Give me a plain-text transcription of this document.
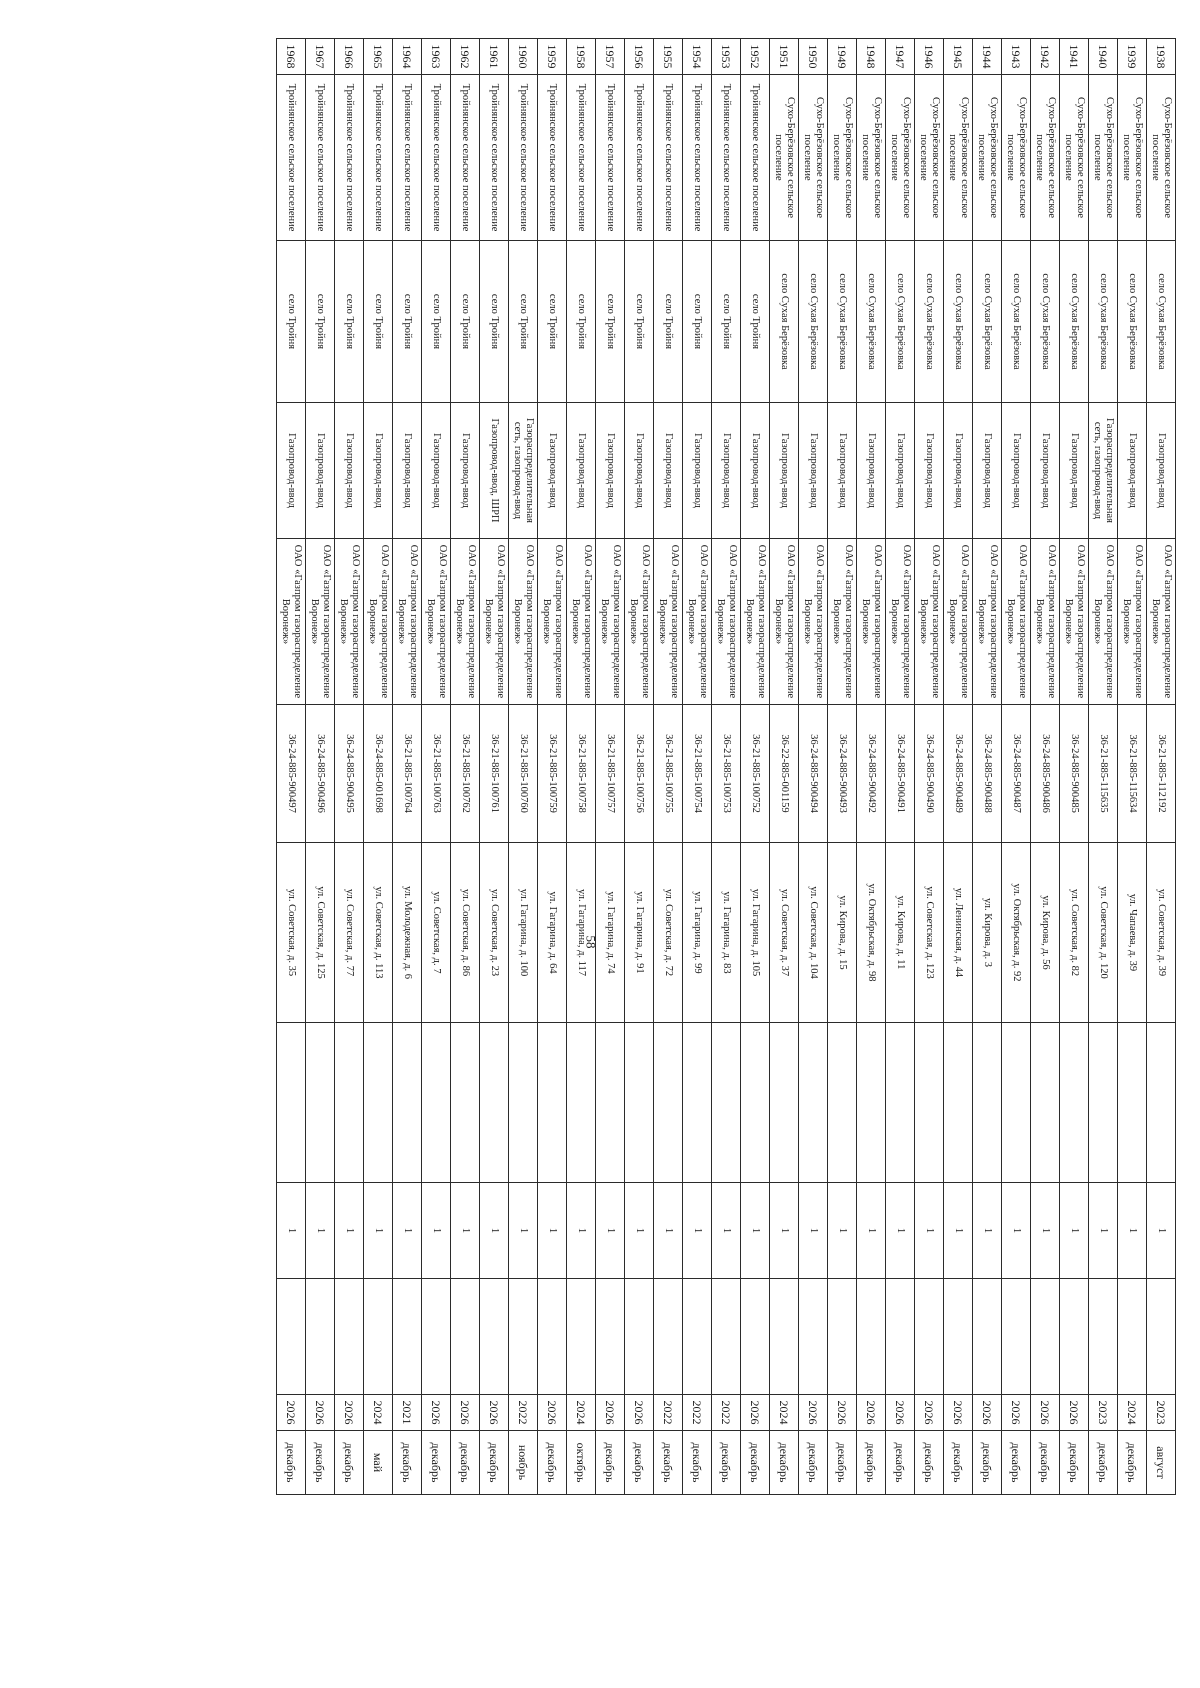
58
1938	Сухо-Берёзовское сельское поселение	село Сухая Берёзовка	Газопровод-ввод	ОАО «Газпром газораспределение Воронеж»	36-21-885-112192	ул. Советская, д. 39		1		2023	август
1939	Сухо-Берёзовское сельское поселение	село Сухая Берёзовка	Газопровод-ввод	ОАО «Газпром газораспределение Воронеж»	36-21-885-115634	ул. Чапаева, д. 39		1		2024	декабрь
1940	Сухо-Берёзовское сельское поселение	село Сухая Берёзовка	Газораспределительная сеть, газопровод-ввод	ОАО «Газпром газораспределение Воронеж»	36-21-885-115635	ул. Советская, д. 120		1		2023	декабрь
1941	Сухо-Берёзовское сельское поселение	село Сухая Берёзовка	Газопровод-ввод	ОАО «Газпром газораспределение Воронеж»	36-24-885-900485	ул. Советская, д. 82		1		2026	декабрь
1942	Сухо-Берёзовское сельское поселение	село Сухая Берёзовка	Газопровод-ввод	ОАО «Газпром газораспределение Воронеж»	36-24-885-900486	ул. Кирова, д. 56		1		2026	декабрь
1943	Сухо-Берёзовское сельское поселение	село Сухая Берёзовка	Газопровод-ввод	ОАО «Газпром газораспределение Воронеж»	36-24-885-900487	ул. Октябрьская, д. 92		1		2026	декабрь
1944	Сухо-Берёзовское сельское поселение	село Сухая Берёзовка	Газопровод-ввод	ОАО «Газпром газораспределение Воронеж»	36-24-885-900488	ул. Кирова, д. 3		1		2026	декабрь
1945	Сухо-Берёзовское сельское поселение	село Сухая Берёзовка	Газопровод-ввод	ОАО «Газпром газораспределение Воронеж»	36-24-885-900489	ул. Ленинская, д. 44		1		2026	декабрь
1946	Сухо-Берёзовское сельское поселение	село Сухая Берёзовка	Газопровод-ввод	ОАО «Газпром газораспределение Воронеж»	36-24-885-900490	ул. Советская, д. 123		1		2026	декабрь
1947	Сухо-Берёзовское сельское поселение	село Сухая Берёзовка	Газопровод-ввод	ОАО «Газпром газораспределение Воронеж»	36-24-885-900491	ул. Кирова, д. 11		1		2026	декабрь
1948	Сухо-Берёзовское сельское поселение	село Сухая Берёзовка	Газопровод-ввод	ОАО «Газпром газораспределение Воронеж»	36-24-885-900492	ул. Октябрьская, д. 98		1		2026	декабрь
1949	Сухо-Берёзовское сельское поселение	село Сухая Берёзовка	Газопровод-ввод	ОАО «Газпром газораспределение Воронеж»	36-24-885-900493	ул. Кирова, д. 15		1		2026	декабрь
1950	Сухо-Берёзовское сельское поселение	село Сухая Берёзовка	Газопровод-ввод	ОАО «Газпром газораспределение Воронеж»	36-24-885-900494	ул. Советская, д. 104		1		2026	декабрь
1951	Сухо-Берёзовское сельское поселение	село Сухая Берёзовка	Газопровод-ввод	ОАО «Газпром газораспределение Воронеж»	36-22-885-001159	ул. Советская, д. 37		1		2024	декабрь
1952	Тройнянское сельское поселение	село Тройня	Газопровод-ввод	ОАО «Газпром газораспределение Воронеж»	36-21-885-100752	ул. Гагарина, д. 105		1		2026	декабрь
1953	Тройнянское сельское поселение	село Тройня	Газопровод-ввод	ОАО «Газпром газораспределение Воронеж»	36-21-885-100753	ул. Гагарина, д. 83		1		2022	декабрь
1954	Тройнянское сельское поселение	село Тройня	Газопровод-ввод	ОАО «Газпром газораспределение Воронеж»	36-21-885-100754	ул. Гагарина, д. 99		1		2022	декабрь
1955	Тройнянское сельское поселение	село Тройня	Газопровод-ввод	ОАО «Газпром газораспределение Воронеж»	36-21-885-100755	ул. Советская, д. 72		1		2022	декабрь
1956	Тройнянское сельское поселение	село Тройня	Газопровод-ввод	ОАО «Газпром газораспределение Воронеж»	36-21-885-100756	ул. Гагарина, д. 91		1		2026	декабрь
1957	Тройнянское сельское поселение	село Тройня	Газопровод-ввод	ОАО «Газпром газораспределение Воронеж»	36-21-885-100757	ул. Гагарина, д. 74		1		2026	декабрь
1958	Тройнянское сельское поселение	село Тройня	Газопровод-ввод	ОАО «Газпром газораспределение Воронеж»	36-21-885-100758	ул. Гагарина, д. 117		1		2024	октябрь
1959	Тройнянское сельское поселение	село Тройня	Газопровод-ввод	ОАО «Газпром газораспределение Воронеж»	36-21-885-100759	ул. Гагарина, д. 64		1		2026	декабрь
1960	Тройнянское сельское поселение	село Тройня	Газораспределительная сеть, газопровод-ввод	ОАО «Газпром газораспределение Воронеж»	36-21-885-100760	ул. Гагарина, д. 100		1		2022	ноябрь
1961	Тройнянское сельское поселение	село Тройня	Газопровод-ввод, ШРП	ОАО «Газпром газораспределение Воронеж»	36-21-885-100761	ул. Советская, д. 23		1		2026	декабрь
1962	Тройнянское сельское поселение	село Тройня	Газопровод-ввод	ОАО «Газпром газораспределение Воронеж»	36-21-885-100762	ул. Советская, д. 86		1		2026	декабрь
1963	Тройнянское сельское поселение	село Тройня	Газопровод-ввод	ОАО «Газпром газораспределение Воронеж»	36-21-885-100763	ул. Советская, д. 7		1		2026	декабрь
1964	Тройнянское сельское поселение	село Тройня	Газопровод-ввод	ОАО «Газпром газораспределение Воронеж»	36-21-885-100764	ул. Молодежная, д. 6		1		2021	декабрь
1965	Тройнянское сельское поселение	село Тройня	Газопровод-ввод	ОАО «Газпром газораспределение Воронеж»	36-24-885-001698	ул. Советская, д. 113		1		2024	май
1966	Тройнянское сельское поселение	село Тройня	Газопровод-ввод	ОАО «Газпром газораспределение Воронеж»	36-24-885-900495	ул. Советская, д. 77		1		2026	декабрь
1967	Тройнянское сельское поселение	село Тройня	Газопровод-ввод	ОАО «Газпром газораспределение Воронеж»	36-24-885-900496	ул. Советская, д. 125		1		2026	декабрь
1968	Тройнянское сельское поселение	село Тройня	Газопровод-ввод	ОАО «Газпром газораспределение Воронеж»	36-24-885-900497	ул. Советская, д. 35		1		2026	декабрь
